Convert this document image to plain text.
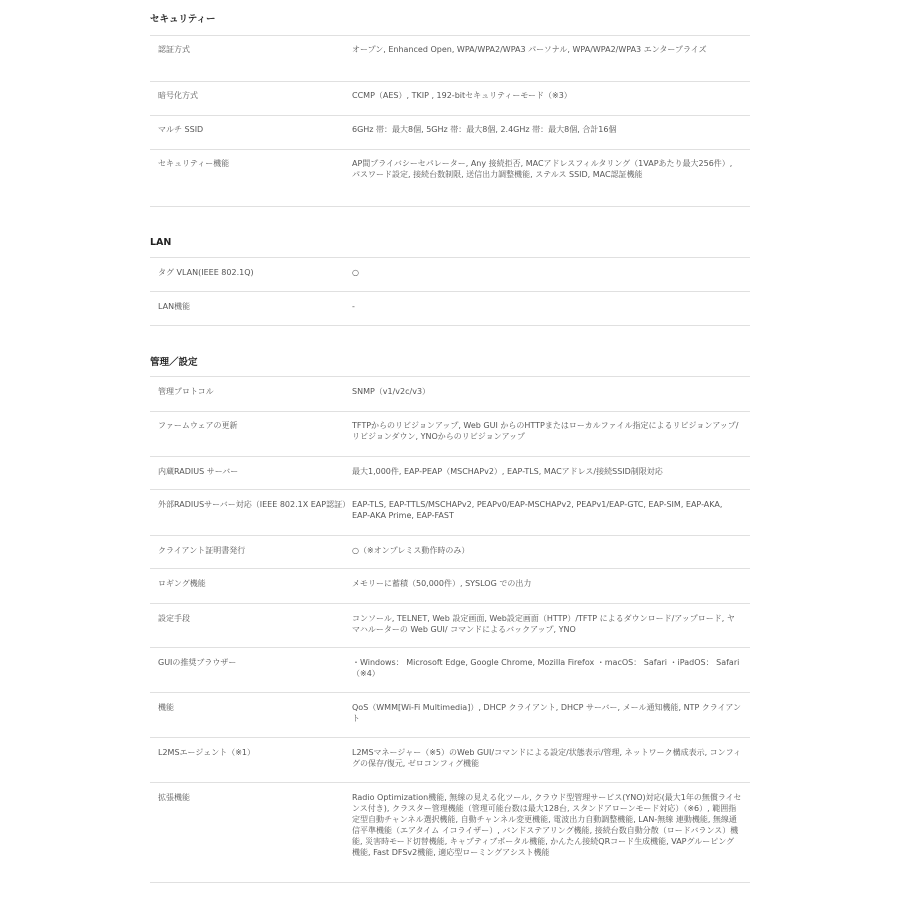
セキュリティー
認証方式	オープン, Enhanced Open, WPA/WPA2/WPA3 パーソナル, WPA/WPA2/WPA3 エンタープライズ
暗号化方式	CCMP（AES）, TKIP , 192-bitセキュリティーモード（※3）
マルチ SSID	6GHz 帯：最大8個, 5GHz 帯：最大8個, 2.4GHz 帯：最大8個, 合計16個
セキュリティー機能	AP間プライバシーセパレーター, Any 接続拒否, MACアドレスフィルタリング（1VAPあたり最大256件）, パスワード設定, 接続台数制限, 送信出力調整機能, ステルス SSID, MAC認証機能
LAN
タグ VLAN(IEEE 802.1Q)	○
LAN機能	-
管理／設定
管理プロトコル	SNMP（v1/v2c/v3）
ファームウェアの更新	TFTPからのリビジョンアップ, Web GUI からのHTTPまたはローカルファイル指定によるリビジョンアップ/リビジョンダウン, YNOからのリビジョンアップ
内蔵RADIUS サーバー	最大1,000件, EAP-PEAP（MSCHAPv2）, EAP-TLS, MACアドレス/接続SSID制限対応
外部RADIUSサーバー対応（IEEE 802.1X EAP認証） EAP-TLS, EAP-TTLS/MSCHAPv2, PEAPv0/EAP-MSCHAPv2, PEAPv1/EAP-GTC, EAP-SIM, EAP-AKA, EAP-AKA Prime, EAP-FAST
クライアント証明書発行	○（※オンプレミス動作時のみ）
ロギング機能	メモリーに蓄積（50,000件）, SYSLOG での出力
設定手段	コンソール, TELNET, Web 設定画面, Web設定画面（HTTP）/TFTP によるダウンロード/アップロード, ヤマハルーターの Web GUI/ コマンドによるバックアップ, YNO
GUIの推奨ブラウザー	・Windows： Microsoft Edge, Google Chrome, Mozilla Firefox ・macOS： Safari ・iPadOS： Safari（※4）
機能	QoS（WMM[Wi-Fi Multimedia]）, DHCP クライアント, DHCP サーバー, メール通知機能, NTP クライアント
L2MSエージェント（※1）	L2MSマネージャー（※5）のWeb GUI/コマンドによる設定/状態表示/管理, ネットワーク構成表示, コンフィグの保存/復元, ゼロコンフィグ機能
拡張機能	Radio Optimization機能, 無線の見える化ツール, クラウド型管理サービス(YNO)対応(最大1年の無償ライセンス付き), クラスター管理機能（管理可能台数は最大128台, スタンドアローンモード対応）（※6）, 範囲指定型自動チャンネル選択機能, 自動チャンネル変更機能, 電波出力自動調整機能, LAN-無線 連動機能, 無線通信平準機能（エアタイム イコライザー）, バンドステアリング機能, 接続台数自動分散（ロードバランス）機能, 災害時モード切替機能, キャプティブポータル機能, かんたん接続QRコード生成機能, VAPグルーピング機能, Fast DFSv2機能, 適応型ローミングアシスト機能
